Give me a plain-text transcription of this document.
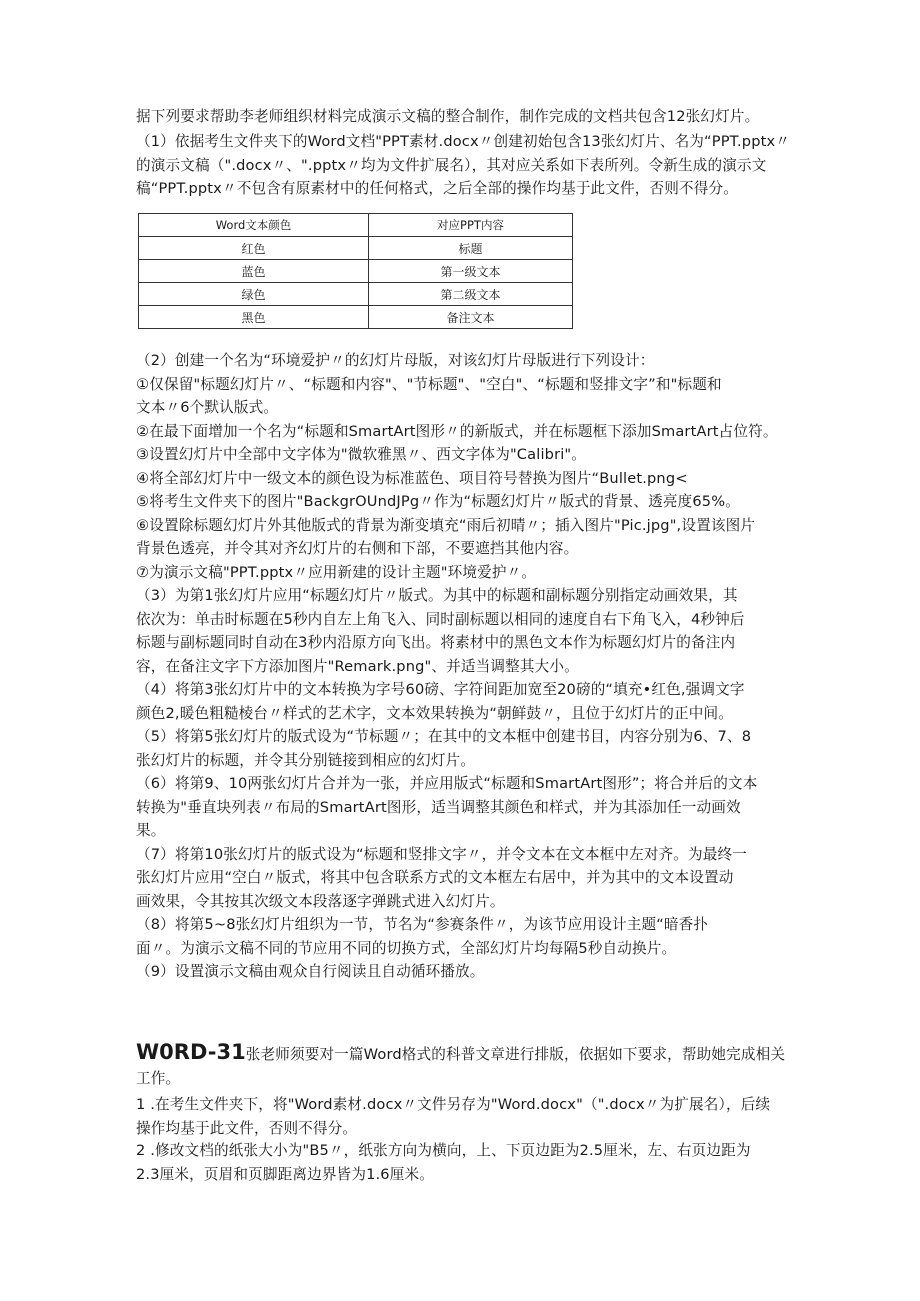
据下列要求帮助李老师组织材料完成演示文稿的整合制作，制作完成的文档共包含12张幻灯片。
（1）依据考生文件夹下的Word文档"PPT素材.docx〃创建初始包含13张幻灯片、名为“PPT.pptx〃
的演示文稿（".docx〃、".pptx〃均为文件扩展名），其对应关系如下表所列。令新生成的演示文
稿“PPT.pptx〃不包含有原素材中的任何格式，之后全部的操作均基于此文件，否则不得分。
Word文本颜色	对应PPT内容
红色	标题
蓝色	第一级文本
绿色	第二级文本
黑色	备注文本
（2）创建一个名为“环境爱护〃的幻灯片母版，对该幻灯片母版进行下列设计：
①仅保留"标题幻灯片〃、“标题和内容"、"节标题"、"空白"、“标题和竖排文字”和"标题和
文本〃6个默认版式。
②在最下面增加一个名为“标题和SmartArt图形〃的新版式，并在标题框下添加SmartArt占位符。
③设置幻灯片中全部中文字体为"微软雅黑〃、西文字体为"Calibri"。
④将全部幻灯片中一级文本的颜色设为标准蓝色、项目符号替换为图片“Bullet.png<
⑤将考生文件夹下的图片"BackgrOUndJPg〃作为“标题幻灯片〃版式的背景、透亮度65%。
⑥设置除标题幻灯片外其他版式的背景为渐变填充“雨后初晴〃；插入图片"Pic.jpg",设置该图片
背景色透亮，并令其对齐幻灯片的右侧和下部，不要遮挡其他内容。
⑦为演示文稿"PPT.pptx〃应用新建的设计主题"环境爱护〃。
（3）为第1张幻灯片应用“标题幻灯片〃版式。为其中的标题和副标题分别指定动画效果，其
依次为：单击时标题在5秒内自左上角飞入、同时副标题以相同的速度自右下角飞入，4秒钟后
标题与副标题同时自动在3秒内沿原方向飞出。将素材中的黑色文本作为标题幻灯片的备注内
容，在备注文字下方添加图片"Remark.png"、并适当调整其大小。
（4）将第3张幻灯片中的文本转换为字号60磅、字符间距加宽至20磅的“填充•红色,强调文字
颜色2,暖色粗糙棱台〃样式的艺术字，文本效果转换为“朝鲜鼓〃，且位于幻灯片的正中间。
（5）将第5张幻灯片的版式设为“节标题〃；在其中的文本框中创建书目，内容分别为6、7、8
张幻灯片的标题，并令其分别链接到相应的幻灯片。
（6）将第9、10两张幻灯片合并为一张，并应用版式“标题和SmartArt图形”；将合并后的文本
转换为"垂直块列表〃布局的SmartArt图形，适当调整其颜色和样式，并为其添加任一动画效
果。
（7）将第10张幻灯片的版式设为“标题和竖排文字〃，并令文本在文本框中左对齐。为最终一
张幻灯片应用“空白〃版式，将其中包含联系方式的文本框左右居中，并为其中的文本设置动
画效果，令其按其次级文本段落逐字弹跳式进入幻灯片。
（8）将第5~8张幻灯片组织为一节，节名为“参赛条件〃，为该节应用设计主题“暗香扑
面〃。为演示文稿不同的节应用不同的切换方式，全部幻灯片均每隔5秒自动换片。
（9）设置演示文稿由观众自行阅读且自动循环播放。
W0RD-31张老师须要对一篇Word格式的科普文章进行排版，依据如下要求，帮助她完成相关
工作。
1 .在考生文件夹下，将"Word素材.docx〃文件另存为"Word.docx"（".docx〃为扩展名），后续
操作均基于此文件，否则不得分。
2 .修改文档的纸张大小为"B5〃，纸张方向为横向，上、下页边距为2.5厘米，左、右页边距为
2.3厘米，页眉和页脚距离边界皆为1.6厘米。
